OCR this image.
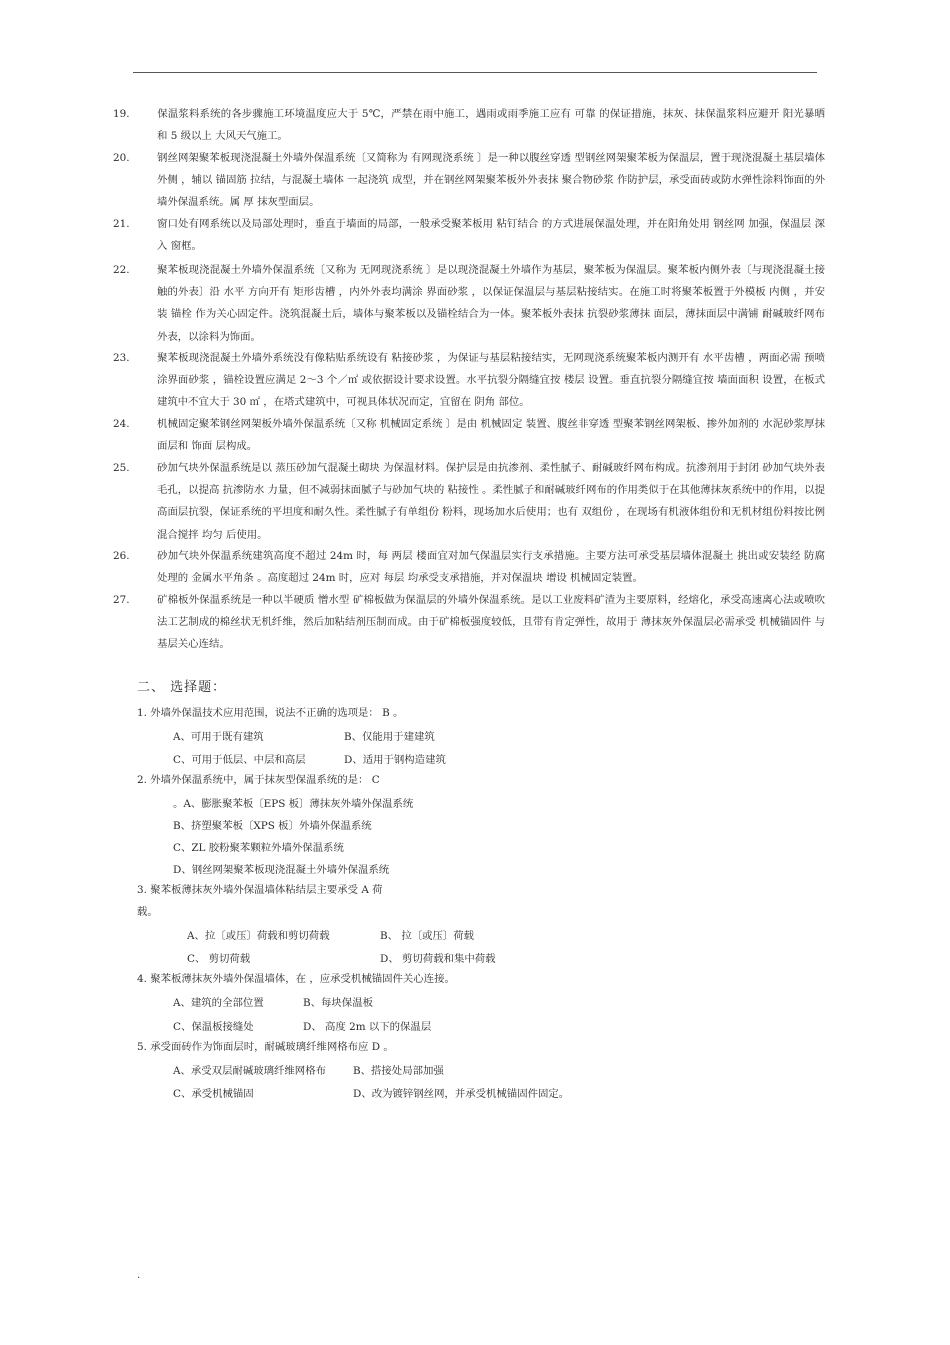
19.	保温浆料系统的各步骤施工环境温度应大于 5℃，严禁在雨中施工，遇雨或雨季施工应有 可靠 的保证措施，抹灰、抹保温浆料应避开 阳光暴晒 和 5 级以上 大风天气施工。
20.	钢丝网架聚苯板现浇混凝土外墙外保温系统〔又简称为 有网现浇系统 〕是一种以腹丝穿透 型钢丝网架聚苯板为保温层，置于现浇混凝土基层墙体 外侧 ，辅以 锚固筋 拉结，与混凝土墙体 一起浇筑 成型，并在钢丝网架聚苯板外外表抹 聚合物砂浆 作防护层，承受面砖或防水弹性涂料饰面的外墙外保温系统。属 厚 抹灰型面层。
21.	窗口处有网系统以及局部处理时，垂直于墙面的局部，一般承受聚苯板用 粘钉结合 的方式进展保温处理，并在阳角处用 钢丝网 加强，保温层 深入 窗框。
22.	聚苯板现浇混凝土外墙外保温系统〔又称为 无网现浇系统 〕是以现浇混凝土外墙作为基层，聚苯板为保温层。聚苯板内侧外表〔与现浇混凝土接触的外表〕沿 水平 方向开有 矩形齿槽 ，内外外表均满涂 界面砂浆 ，以保证保温层与基层粘接结实。在施工时将聚苯板置于外模板 内侧 ，并安装 锚栓 作为关心固定件。浇筑混凝土后，墙体与聚苯板以及锚栓结合为一体。聚苯板外表抹 抗裂砂浆薄抹 面层，薄抹面层中满铺 耐碱玻纤网布 外表，以涂料为饰面。
23.	聚苯板现浇混凝土外墙外系统没有像粘贴系统设有 粘接砂浆 ，为保证与基层粘接结实，无网现浇系统聚苯板内测开有 水平齿槽 ，两面必需 预喷涂界面砂浆 ，锚栓设置应满足 2～3 个／㎡ 或依据设计要求设置。水平抗裂分隔缝宜按 楼层 设置。垂直抗裂分隔缝宜按 墙面面积 设置，在板式建筑中不宜大于 30 ㎡ ，在塔式建筑中，可视具体状况而定，宜留在 阴角 部位。
24.	机械固定聚苯钢丝网架板外墙外保温系统〔又称 机械固定系统 〕是由 机械固定 装置、腹丝非穿透 型聚苯钢丝网架板、掺外加剂的 水泥砂浆厚抹 面层和 饰面 层构成。
25.	砂加气块外保温系统是以 蒸压砂加气混凝土砌块 为保温材料。保护层是由抗渗剂、柔性腻子、耐碱玻纤网布构成。抗渗剂用于封闭 砂加气块外表毛孔，以提高 抗渗防水 力量，但不减弱抹面腻子与砂加气块的 粘接性 。柔性腻子和耐碱玻纤网布的作用类似于在其他薄抹灰系统中的作用，以提高面层抗裂，保证系统的平坦度和耐久性。柔性腻子有单组份 粉料，现场加水后使用；也有 双组份 ，在现场有机液体组份和无机材组份料按比例混合搅拌 均匀 后使用。
26.	砂加气块外保温系统建筑高度不超过 24m 时，每 两层 楼面宜对加气保温层实行支承措施。主要方法可承受基层墙体混凝土 挑出或安装经 防腐 处理的 金属水平角条 。高度超过 24m 时，应对 每层 均承受支承措施，并对保温块 增设 机械固定装置。
27.	矿棉板外保温系统是一种以半硬质 憎水型 矿棉板做为保温层的外墙外保温系统。是以工业废料矿渣为主要原料，经熔化，承受高速离心法或喷吹法工艺制成的棉丝状无机纤维，然后加粘结剂压制而成。由于矿棉板强度较低，且带有肯定弹性，故用于 薄抹灰外保温层必需承受 机械锚固件 与基层关心连结。
二、 选择题：
1. 外墙外保温技术应用范围，说法不正确的选项是： B 。
A、可用于既有建筑	B、仅能用于建建筑
C、可用于低层、中层和高层	D、适用于钢构造建筑
2. 外墙外保温系统中，属于抹灰型保温系统的是： C
。A、膨胀聚苯板〔EPS 板〕薄抹灰外墙外保温系统
B、挤塑聚苯板〔XPS 板〕外墙外保温系统
C、ZL 胶粉聚苯颗粒外墙外保温系统
D、钢丝网架聚苯板现浇混凝土外墙外保温系统
3. 聚苯板薄抹灰外墙外保温墙体粘结层主要承受 A 荷
载。
A、拉〔或压〕荷载和剪切荷载	B、 拉〔或压〕荷载
C、 剪切荷载	D、 剪切荷载和集中荷载
4. 聚苯板薄抹灰外墙外保温墙体，在 ，应承受机械锚固件关心连接。
A、建筑的全部位置	B、每块保温板
C、保温板接缝处	D、 高度 2m 以下的保温层
5. 承受面砖作为饰面层时，耐碱玻璃纤维网格布应 D 。
A、承受双层耐碱玻璃纤维网格布	B、搭接处局部加强
C、承受机械锚固	D、改为镀锌钢丝网，并承受机械锚固件固定。
.
